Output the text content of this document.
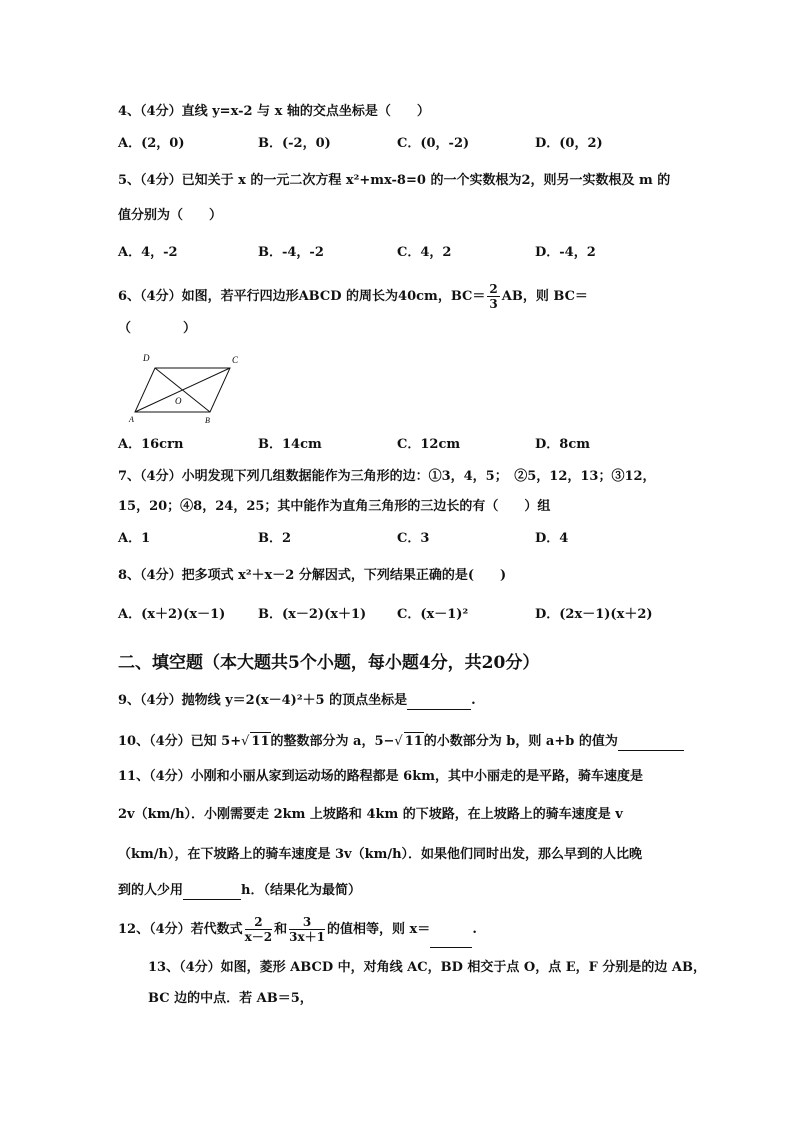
4、（4分）直线 y=x-2 与 x 轴的交点坐标是（　　）
A．(2，0)	B．(-2，0)	C．(0，-2)	D．(0，2)
5、（4分）已知关于 x 的一元二次方程 x²+mx-8=0 的一个实数根为2，则另一实数根及 m 的
值分别为（　　）
A．4，-2	B．-4，-2	C．4，2	D．-4，2
6、（4分）如图，若平行四边形ABCD 的周长为40cm，$BC= \frac{2}{3}$ AB，则 BC＝
（　　　　）
D	C
O
A	B
A．16crn	B．14cm	C．12cm	D．8cm
7、（4分）小明发现下列几组数据能作为三角形的边：①3，4，5；　②5，12，13；③12，
15，20；④8，24，25；其中能作为直角三角形的三边长的有（　　）组
A．1	B．2	C．3	D．4
8、（4分）把多项式 x²＋x－2 分解因式，下列结果正确的是(　　)
A．(x＋2)(x－1)	B．(x－2)(x＋1) C．(x－1)²	D．(2x－1)(x＋2)
二、填空题（本大题共5个小题，每小题4分，共20分）
9、（4分）抛物线 y＝2(x－4)²＋5 的顶点坐标是	.
10、（4分）已知 5+√ 11的整数部分为 a，5−√ 11的小数部分为 b，则 a+b 的值为
11、（4分）小刚和小丽从家到运动场的路程都是 6km，其中小丽走的是平路，骑车速度是
2v（km/h）．小刚需要走 2km 上坡路和 4km 的下坡路，在上坡路上的骑车速度是 v
（km/h），在下坡路上的骑车速度是 3v（km/h）．如果他们同时出发，那么早到的人比晚
到的人少用	h．（结果化为最简）
12、（4分）若代数式 $\frac{2}{x-2}$ 和 $\frac{3}{3x+1}$ 的值相等，则 x＝	.
13、（4分）如图，菱形 ABCD 中，对角线 AC，BD 相交于点 O，点 E，F 分别是的边 AB，
BC 边的中点．若 AB＝5，
